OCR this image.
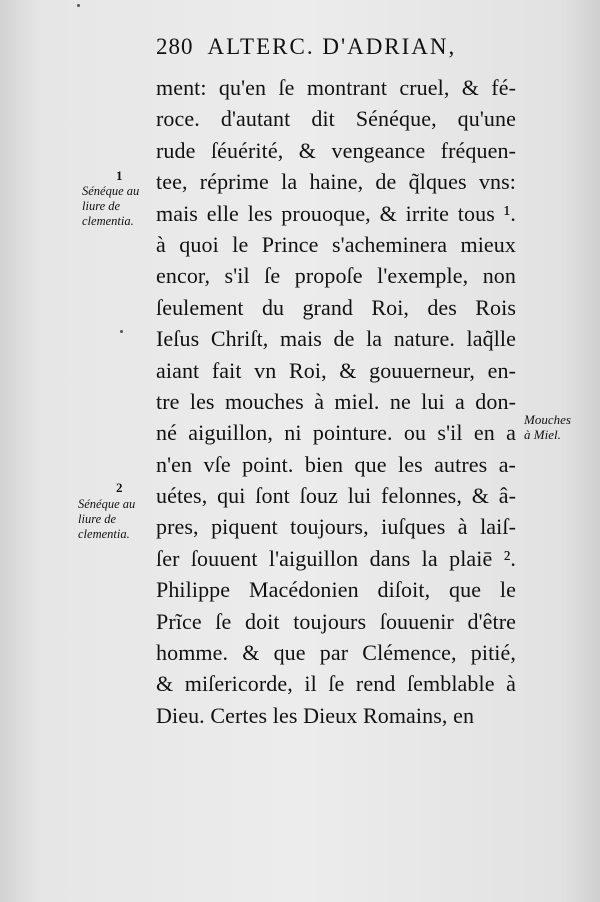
280 ALTERC. D'ADRIAN,
ment: qu'en ſe montrant cruel, & fé-
roce. d'autant dit Sénéque, qu'une
rude ſéuérité, & vengeance fréquen-
tee, réprime la haine, de q̃lques vns:
mais elle les prouoque, & irrite tous ¹.
à quoi le Prince s'acheminera mieux
encor, s'il ſe propoſe l'exemple, non
ſeulement du grand Roi, des Rois
Ieſus Chriſt, mais de la nature. laq̃lle
aiant fait vn Roi, & gouuerneur, en-
tre les mouches à miel. ne lui a don-
né aiguillon, ni pointure. ou s'il en a
n'en vſe point. bien que les autres a-
uétes, qui ſont ſouz lui felonnes, & â-
pres, piquent toujours, iuſques à laiſ-
ſer ſouuent l'aiguillon dans la plaiē ².
Philippe Macédonien diſoit, que le
Prĩce ſe doit toujours ſouuenir d'être
homme. & que par Clémence, pitié,
& miſericorde, il ſe rend ſemblable à
Dieu. Certes les Dieux Romains, en
1
Sénéque au
liure de
clementia.
2
Sénéque au
liure de
clementia.
Mouches
à Miel.
